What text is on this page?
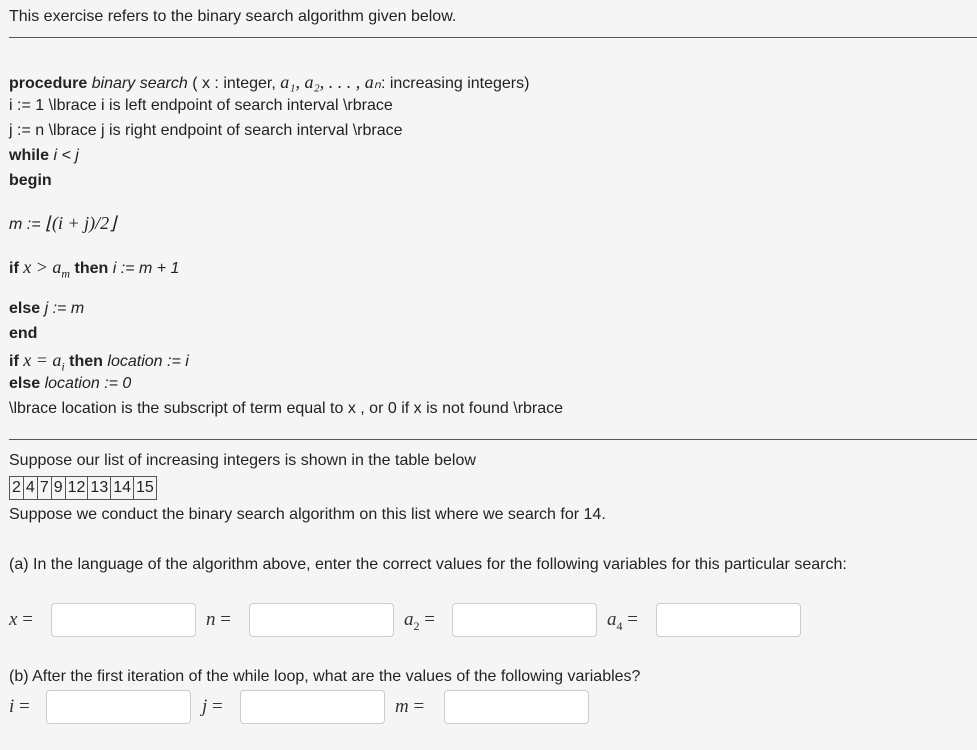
This exercise refers to the binary search algorithm given below.
procedure binary search ( x : integer, a₁, a₂, . . . , aₙ: increasing integers)
i := 1 \lbrace i is left endpoint of search interval \rbrace
j := n \lbrace j is right endpoint of search interval \rbrace
while i < j
begin
m := ⌊(i + j)/2⌋
if $x > a_m$ then i := m + 1
else j := m
end
if $x = a_i$ then location := i
else location := 0
\lbrace location is the subscript of term equal to x , or 0 if x is not found \rbrace
Suppose our list of increasing integers is shown in the table below
2	4	7	9	12	13	14	15
Suppose we conduct the binary search algorithm on this list where we search for 14.
(a) In the language of the algorithm above, enter the correct values for the following variables for this particular search:
x =	n =	$a_2$ =	$a_4$ =
(b) After the first iteration of the while loop, what are the values of the following variables?
i =	j =	m =
